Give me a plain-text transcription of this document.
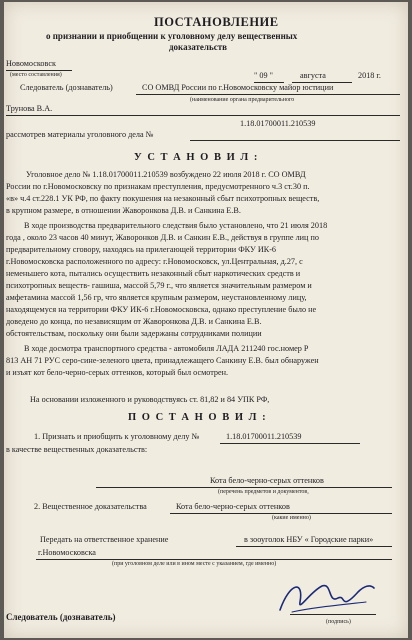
ПОСТАНОВЛЕНИЕ
о признании и приобщении к уголовному делу вещественных
доказательств
Новомосковск
(место составления)	" 09 "	августа	2018 г.
Следователь (дознаватель)	СО ОМВД России по г.Новомосковску майор юстиции
(наименование органа предварительного
Трунова В.А.
1.18.01700011.210539
рассмотрев материалы уголовного дела №
У С Т А Н О В И Л :
Уголовное дело № 1.18.01700011.210539 возбуждено 22 июля 2018 г. СО ОМВД
России по г.Новомосковску по признакам преступления, предусмотренного ч.3 ст.30 п.
«в» ч.4 ст.228.1 УК РФ, по факту покушения на незаконный сбыт психотропных веществ,
в крупном размере, в отношении Жаворонкова Д.В. и Санкина Е.В.
В ходе производства предварительного следствия было установлено, что 21 июля 2018
года , около 23 часов 40 минут, Жаворонков Д.В. и Санкин Е.В., действуя в группе лиц по
предварительному сговору, находясь на прилегающей территории ФКУ ИК-6
г.Новомосковска расположенного по адресу: г.Новомосковск, ул.Центральная, д.27, с
неменьшего кота, пытались осуществить незаконный сбыт наркотических средств и
психотропных веществ- гашиша, массой 5,79 г., что является значительным размером и
амфетамина массой 1,56 гр, что является крупным размером, неустановленному лицу,
находящемуся на территории ФКУ ИК-6 г.Новомосковска, однако преступление было не
доведено до конца, по независящим от Жаворонкова Д.В. и Санкина Е.В.
обстоятельствам, поскольку они были задержаны сотрудниками полиции
В ходе досмотра транспортного средства - автомобиля ЛАДА 211240 гос.номер Р
813 АН 71 РУС серо-сине-зеленого цвета, принадлежащего Санкину Е.В. был обнаружен
и изъят кот бело-черно-серых оттенков, который был осмотрен.
На основании изложенного и руководствуясь ст. 81,82 и 84 УПК РФ,
П О С Т А Н О В И Л :
1. Признать и приобщить к уголовному делу №	1.18.01700011.210539
в качестве вещественных доказательств:
Кота бело-черно-серых оттенков
(перечень предметов и документов,
2. Вещественное доказательства	Кота бело-черно-серых оттенков
(какие именно)
Передать на ответственное хранение	в зооуголок НБУ « Городские парки»
г.Новомосковска
(при уголовном деле или в ином месте с указанием, где именно)
Следователь (дознаватель)	(подпись)
